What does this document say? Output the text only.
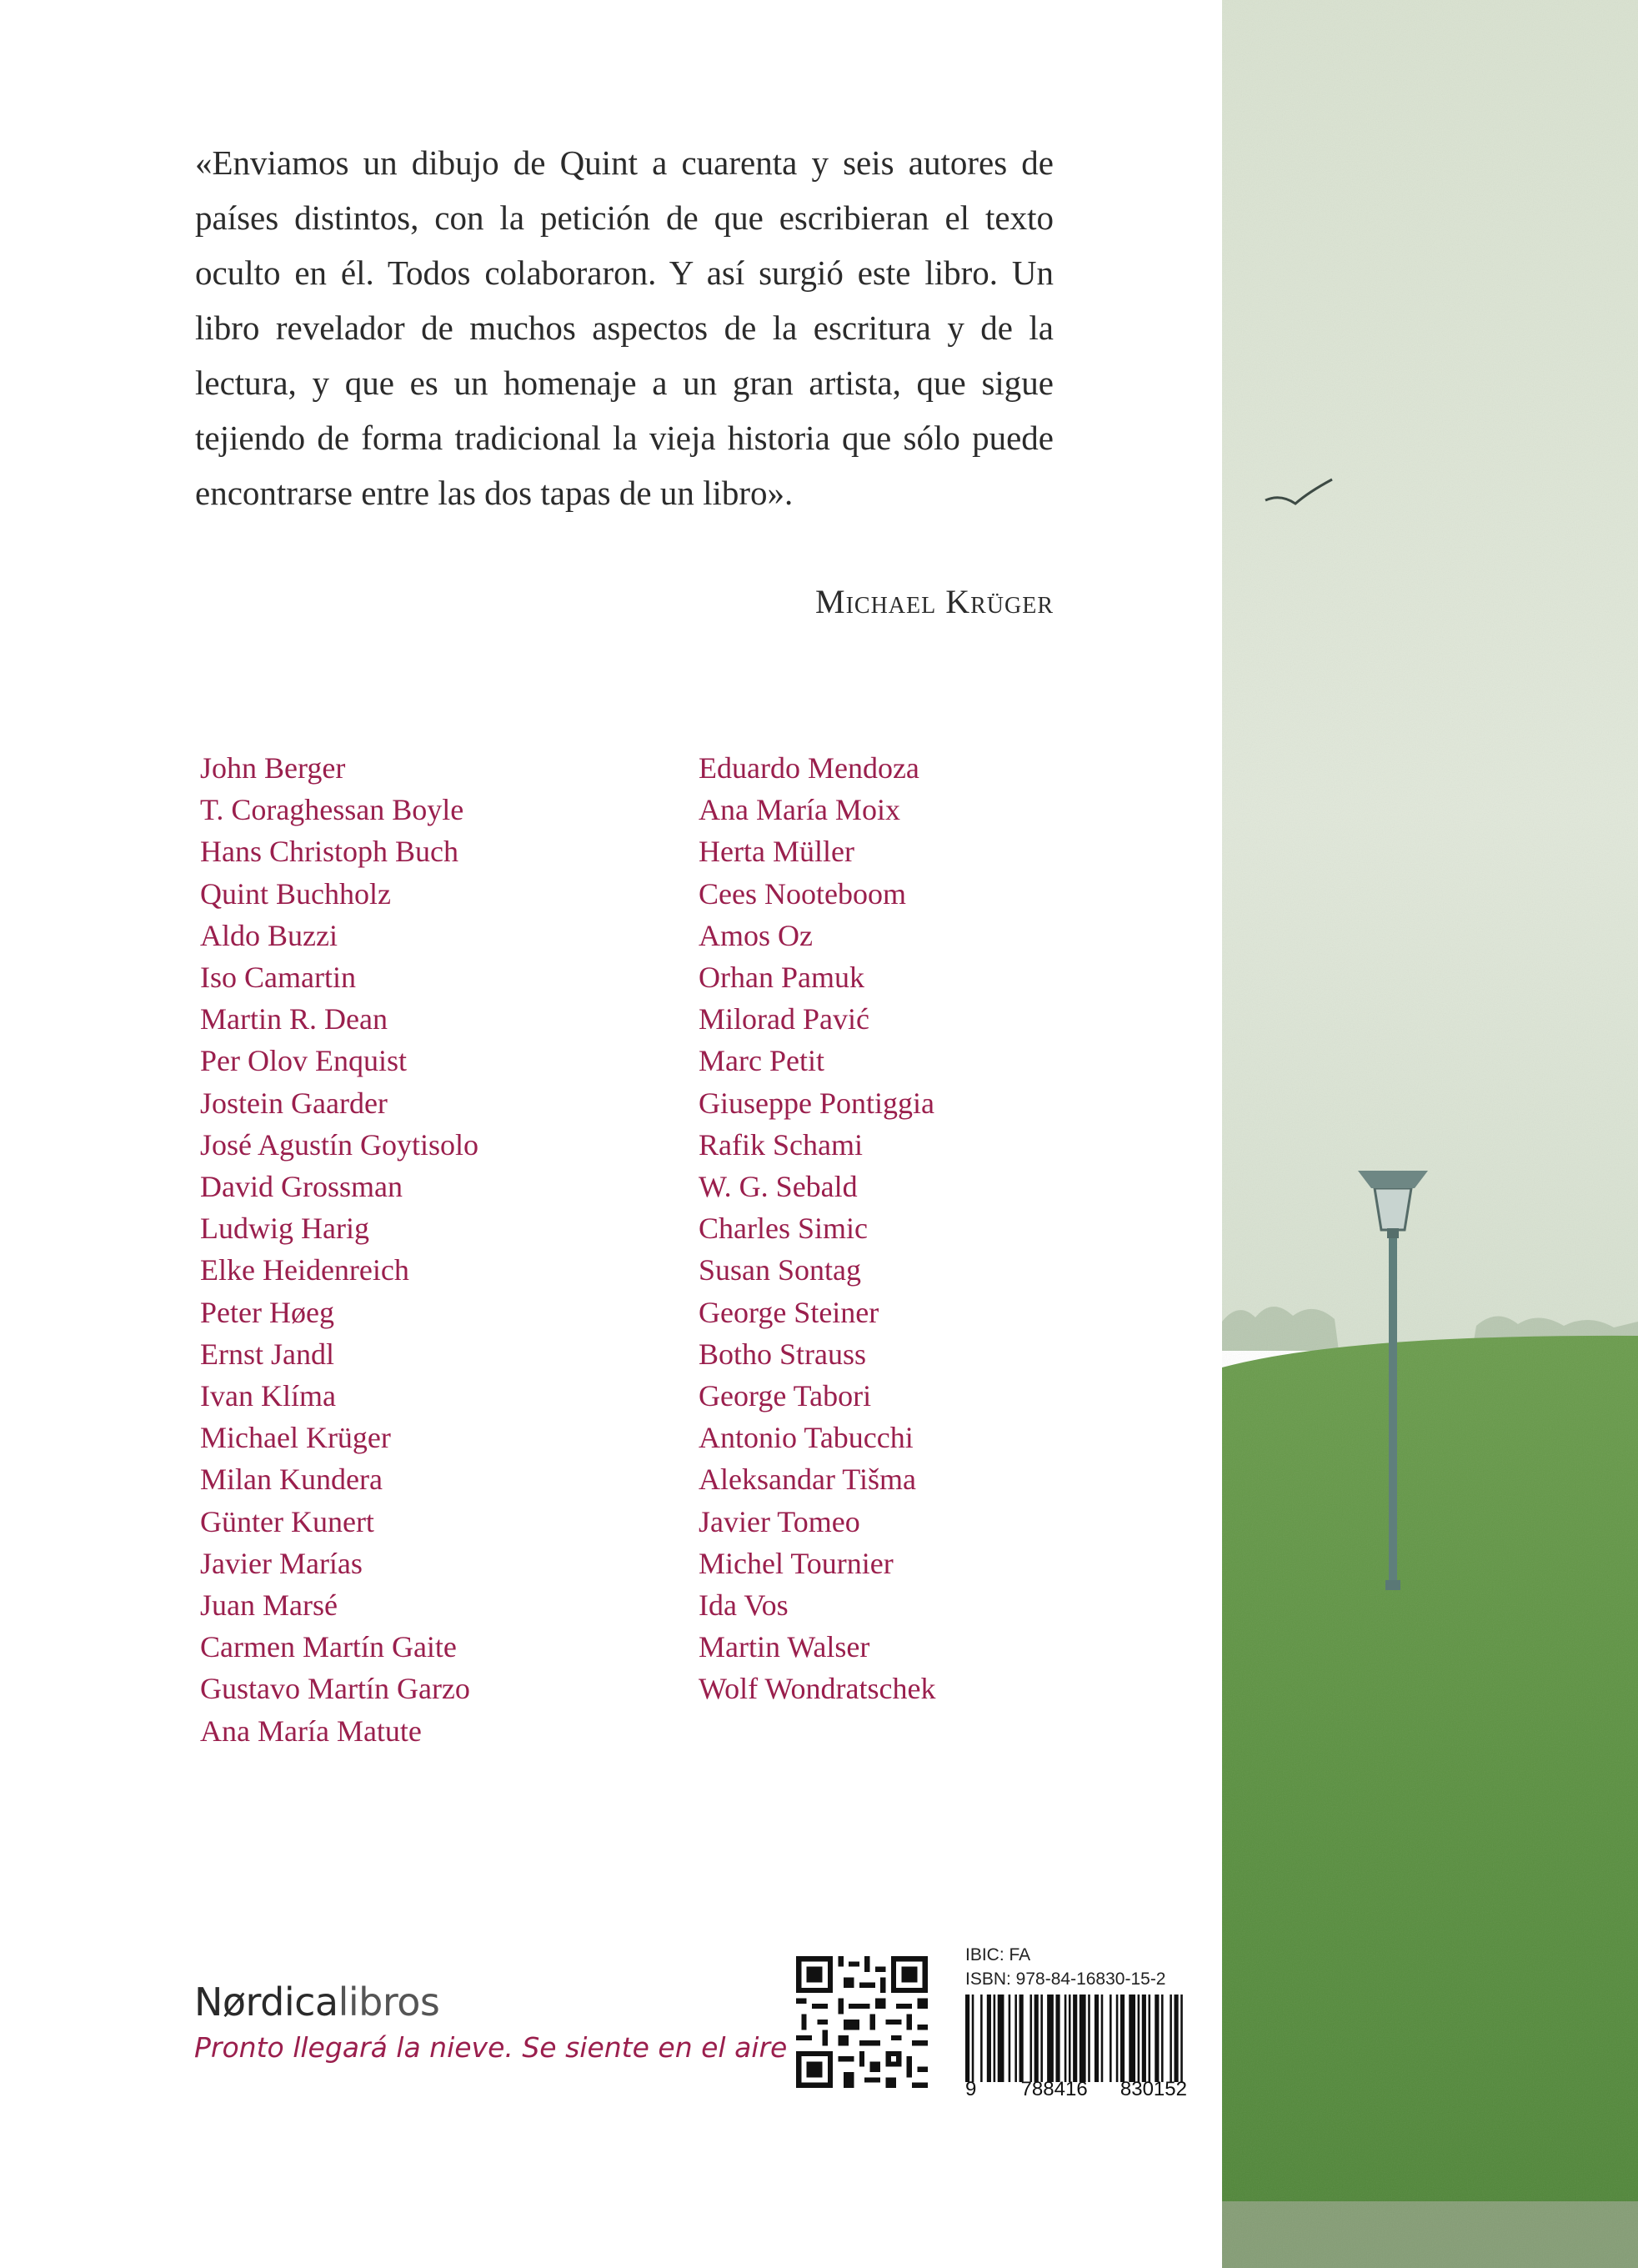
«Enviamos un dibujo de Quint a cuarenta y seis autores de países distintos, con la petición de que escribieran el texto oculto en él. Todos colaboraron. Y así surgió este libro. Un libro revelador de muchos aspectos de la escritura y de la lectura, y que es un homenaje a un gran artista, que sigue tejiendo de forma tradicional la vieja historia que sólo puede encontrarse entre las dos tapas de un libro».

Michael Krüger
John Berger
T. Coraghessan Boyle
Hans Christoph Buch
Quint Buchholz
Aldo Buzzi
Iso Camartin
Martin R. Dean
Per Olov Enquist
Jostein Gaarder
José Agustín Goytisolo
David Grossman
Ludwig Harig
Elke Heidenreich
Peter Høeg
Ernst Jandl
Ivan Klíma
Michael Krüger
Milan Kundera
Günter Kunert
Javier Marías
Juan Marsé
Carmen Martín Gaite
Gustavo Martín Garzo
Ana María Matute
Eduardo Mendoza
Ana María Moix
Herta Müller
Cees Nooteboom
Amos Oz
Orhan Pamuk
Milorad Pavić
Marc Petit
Giuseppe Pontiggia
Rafik Schami
W. G. Sebald
Charles Simic
Susan Sontag
George Steiner
Botho Strauss
George Tabori
Antonio Tabucchi
Aleksandar Tišma
Javier Tomeo
Michel Tournier
Ida Vos
Martin Walser
Wolf Wondratschek
Nørdicalibros
Pronto llegará la nieve. Se siente en el aire
IBIC: FA
ISBN: 978-84-16830-15-2
9 788416 830152
